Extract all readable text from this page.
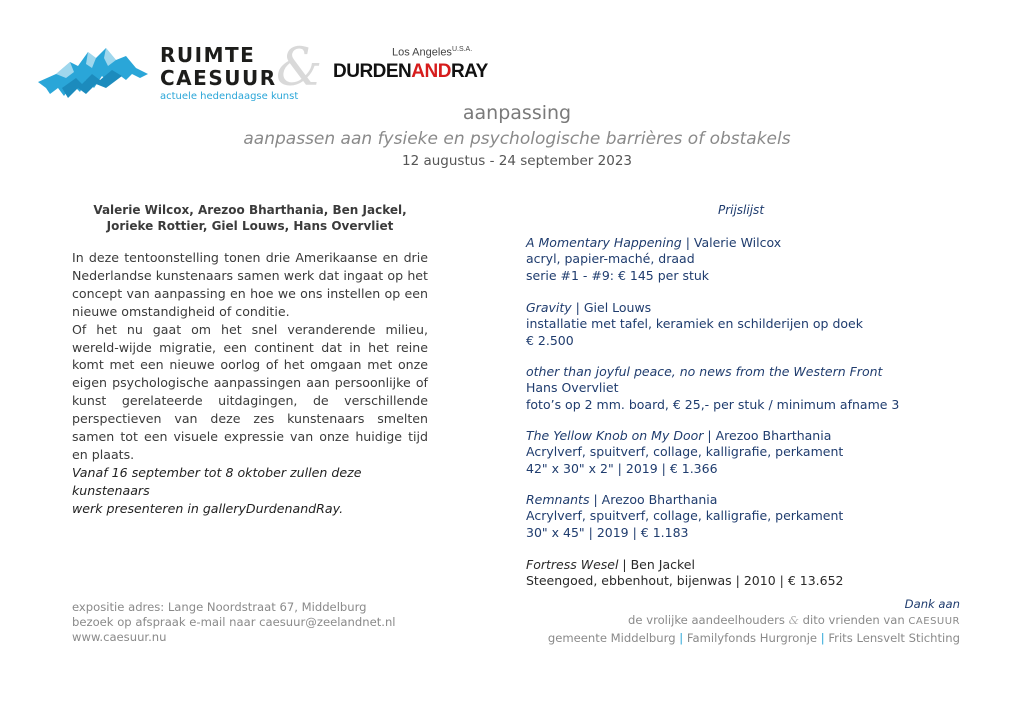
RUIMTE
CAESUUR
actuele hedendaagse kunst
&	Los Angeles$^{U.S.A.}$
DURDENANDRAY
aanpassing
aanpassen aan fysieke en psychologische barrières of obstakels
12 augustus - 24 september 2023
Valerie Wilcox, Arezoo Bharthania, Ben Jackel,
Jorieke Rottier, Giel Louws, Hans Overvliet

In deze tentoonstelling tonen drie Amerikaanse en drie Nederlandse kunstenaars samen werk dat ingaat op het concept van aanpassing en hoe we ons instellen op een nieuwe omstandigheid of conditie.

Of het nu gaat om het snel veranderende milieu, wereld-wijde migratie, een continent dat in het reine komt met een nieuwe oorlog of het omgaan met onze eigen psychologische aanpassingen aan persoonlijke of kunst gerelateerde uitdagingen, de verschillende perspectieven van deze zes kunstenaars smelten samen tot een visuele expressie van onze huidige tijd en plaats.

Vanaf 16 september tot 8 oktober zullen deze kunstenaars
werk presenteren in galleryDurdenandRay.
Prijslijst
A Momentary Happening | Valerie Wilcox
acryl, papier-maché, draad
serie #1 - #9: € 145 per stuk
Gravity | Giel Louws
installatie met tafel, keramiek en schilderijen op doek
€ 2.500
other than joyful peace, no news from the Western Front
Hans Overvliet
foto’s op 2 mm. board, € 25,- per stuk / minimum afname 3
The Yellow Knob on My Door | Arezoo Bharthania
Acrylverf, spuitverf, collage, kalligrafie, perkament
42" x 30" x 2" | 2019 | € 1.366
Remnants | Arezoo Bharthania
Acrylverf, spuitverf, collage, kalligrafie, perkament
30" x 45" | 2019 | € 1.183
Fortress Wesel | Ben Jackel
Steengoed, ebbenhout, bijenwas | 2010 | € 13.652
expositie adres: Lange Noordstraat 67, Middelburg
bezoek op afspraak e-mail naar caesuur@zeelandnet.nl
www.caesuur.nu
Dank aan
de vrolijke aandeelhouders & dito vrienden van CAESUUR
gemeente Middelburg | Familyfonds Hurgronje | Frits Lensvelt Stichting
